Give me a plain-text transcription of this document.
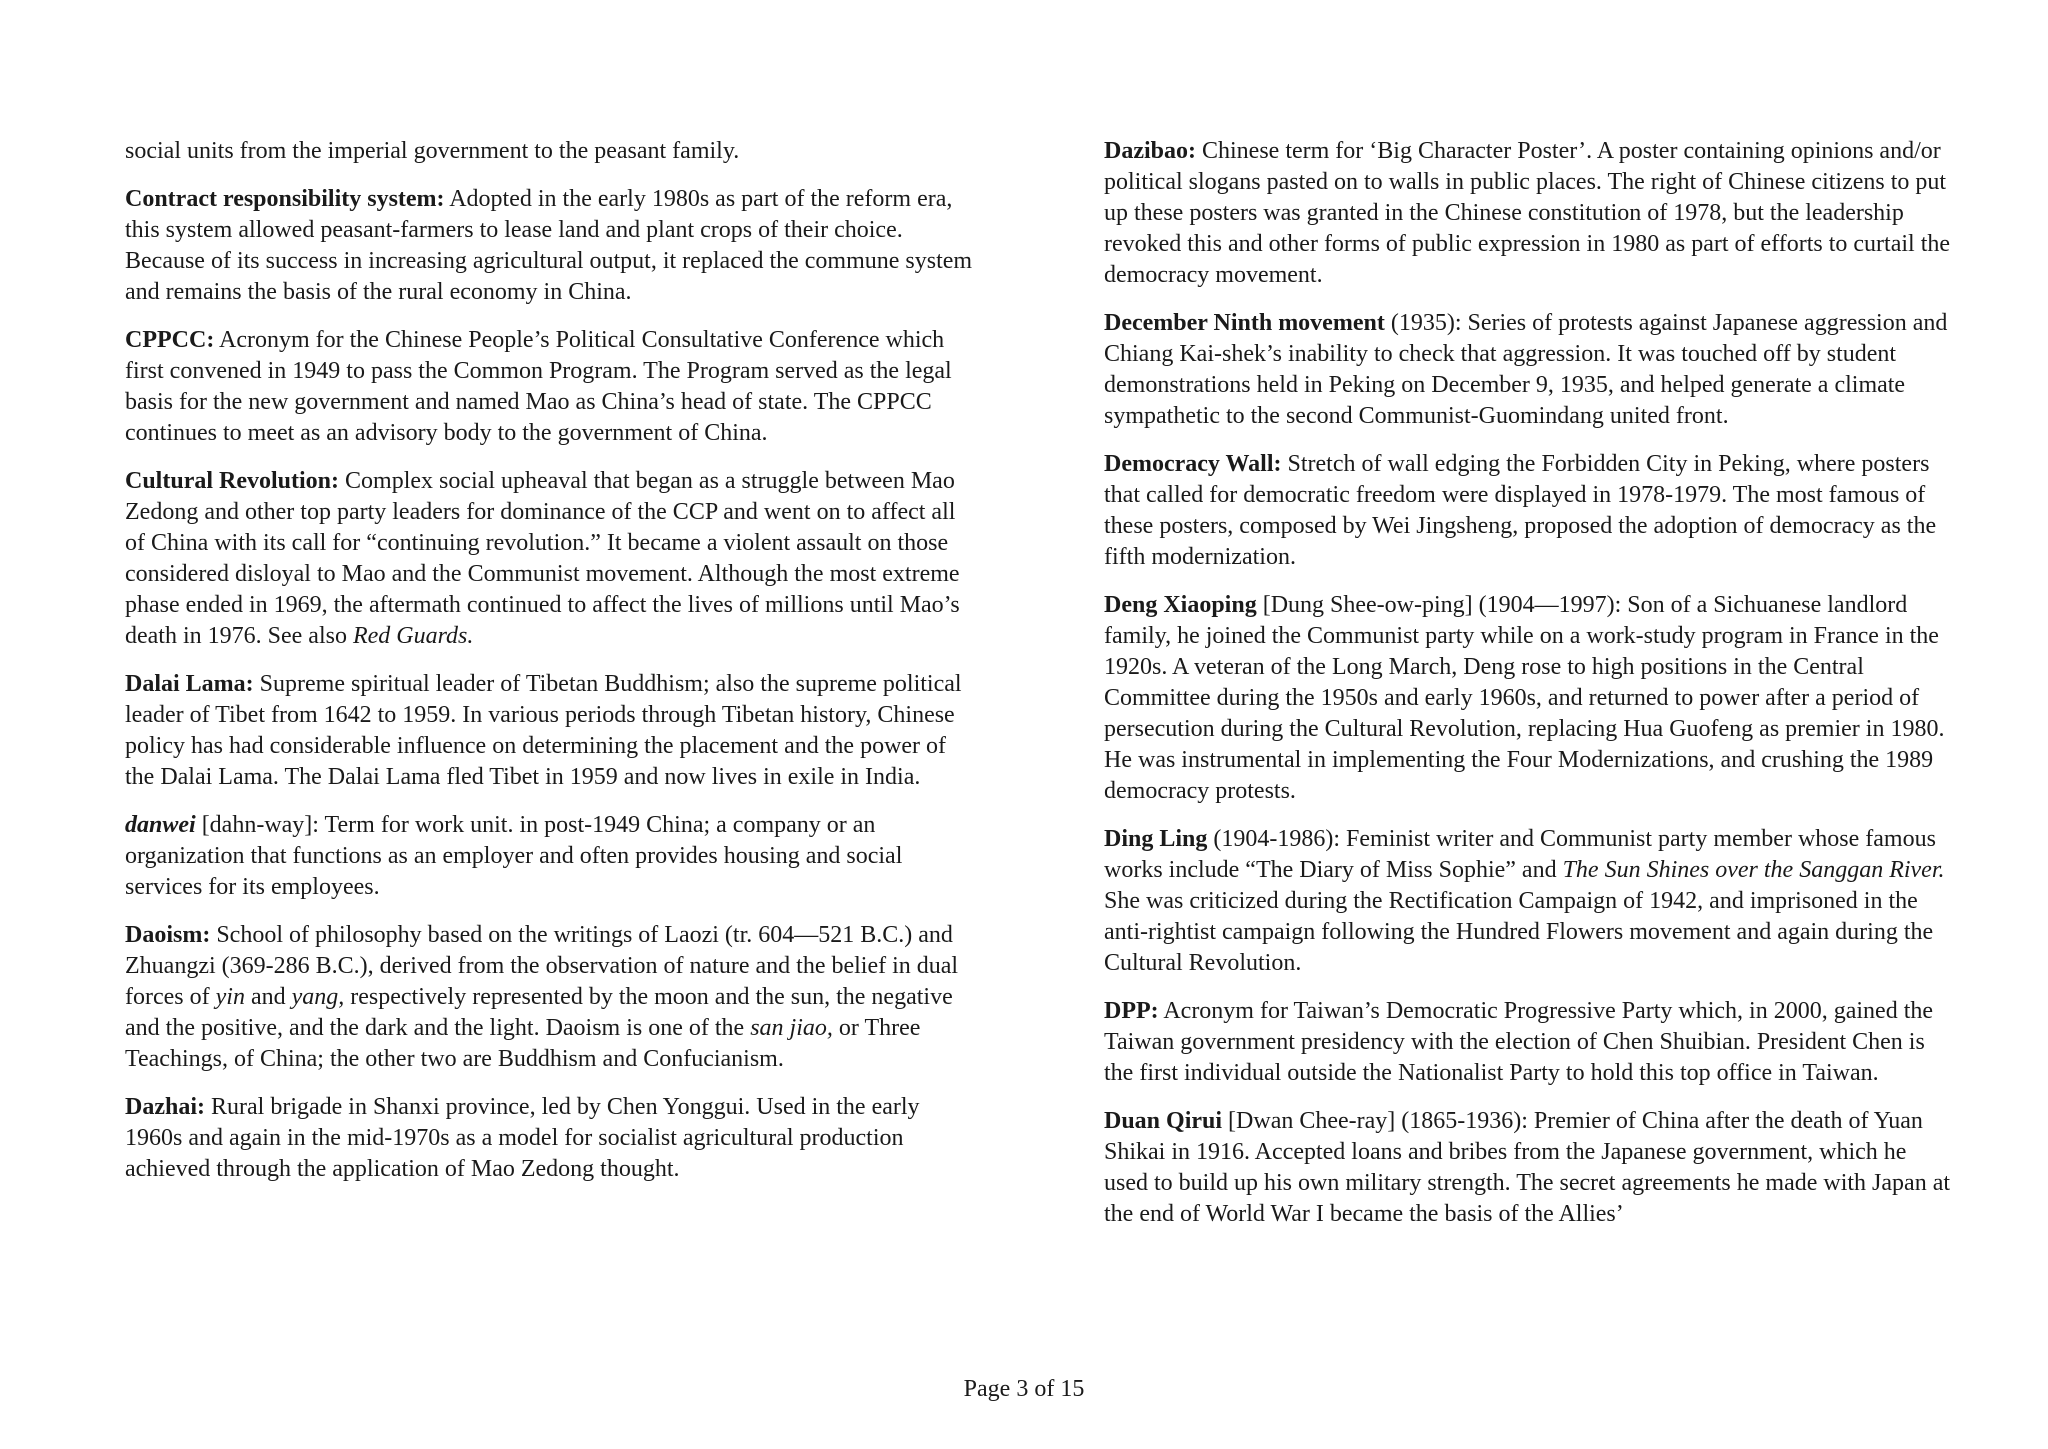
social units from the imperial government to the peasant family.

Contract responsibility system: Adopted in the early 1980s as part of the reform era, this system allowed peasant-farmers to lease land and plant crops of their choice. Because of its success in increasing agricultural output, it replaced the commune system and remains the basis of the rural economy in China.

CPPCC: Acronym for the Chinese People’s Political Consultative Conference which first convened in 1949 to pass the Common Program. The Program served as the legal basis for the new government and named Mao as China’s head of state. The CPPCC continues to meet as an advisory body to the government of China.

Cultural Revolution: Complex social upheaval that began as a struggle between Mao Zedong and other top party leaders for dominance of the CCP and went on to affect all of China with its call for “continuing revolution.” It became a violent assault on those considered disloyal to Mao and the Communist movement. Although the most extreme phase ended in 1969, the aftermath continued to affect the lives of millions until Mao’s death in 1976. See also Red Guards.

Dalai Lama: Supreme spiritual leader of Tibetan Buddhism; also the supreme political leader of Tibet from 1642 to 1959. In various periods through Tibetan history, Chinese policy has had considerable influence on determining the placement and the power of the Dalai Lama. The Dalai Lama fled Tibet in 1959 and now lives in exile in India.

danwei [dahn-way]: Term for work unit. in post-1949 China; a company or an organization that functions as an employer and often provides housing and social services for its employees.

Daoism: School of philosophy based on the writings of Laozi (tr. 604—521 B.C.) and Zhuangzi (369-286 B.C.), derived from the observation of nature and the belief in dual forces of yin and yang, respectively represented by the moon and the sun, the negative and the positive, and the dark and the light. Daoism is one of the san jiao, or Three Teachings, of China; the other two are Buddhism and Confucianism.

Dazhai: Rural brigade in Shanxi province, led by Chen Yonggui. Used in the early 1960s and again in the mid-1970s as a model for socialist agricultural production achieved through the application of Mao Zedong thought.

Dazibao: Chinese term for ‘Big Character Poster’. A poster containing opinions and/or political slogans pasted on to walls in public places. The right of Chinese citizens to put up these posters was granted in the Chinese constitution of 1978, but the leadership revoked this and other forms of public expression in 1980 as part of efforts to curtail the democracy movement.

December Ninth movement (1935): Series of protests against Japanese aggression and Chiang Kai-shek’s inability to check that aggression. It was touched off by student demonstrations held in Peking on December 9, 1935, and helped generate a climate sympathetic to the second Communist-Guomindang united front.

Democracy Wall: Stretch of wall edging the Forbidden City in Peking, where posters that called for democratic freedom were displayed in 1978-1979. The most famous of these posters, composed by Wei Jingsheng, proposed the adoption of democracy as the fifth modernization.

Deng Xiaoping [Dung Shee-ow-ping] (1904—1997): Son of a Sichuanese landlord family, he joined the Communist party while on a work-study program in France in the 1920s. A veteran of the Long March, Deng rose to high positions in the Central Committee during the 1950s and early 1960s, and returned to power after a period of persecution during the Cultural Revolution, replacing Hua Guofeng as premier in 1980. He was instrumental in implementing the Four Modernizations, and crushing the 1989 democracy protests.

Ding Ling (1904-1986): Feminist writer and Communist party member whose famous works include “The Diary of Miss Sophie” and The Sun Shines over the Sanggan River. She was criticized during the Rectification Campaign of 1942, and imprisoned in the anti-rightist campaign following the Hundred Flowers movement and again during the Cultural Revolution.

DPP: Acronym for Taiwan’s Democratic Progressive Party which, in 2000, gained the Taiwan government presidency with the election of Chen Shuibian. President Chen is the first individual outside the Nationalist Party to hold this top office in Taiwan.

Duan Qirui [Dwan Chee-ray] (1865-1936): Premier of China after the death of Yuan Shikai in 1916. Accepted loans and bribes from the Japanese government, which he used to build up his own military strength. The secret agreements he made with Japan at the end of World War I became the basis of the Allies’

Page 3 of 15
